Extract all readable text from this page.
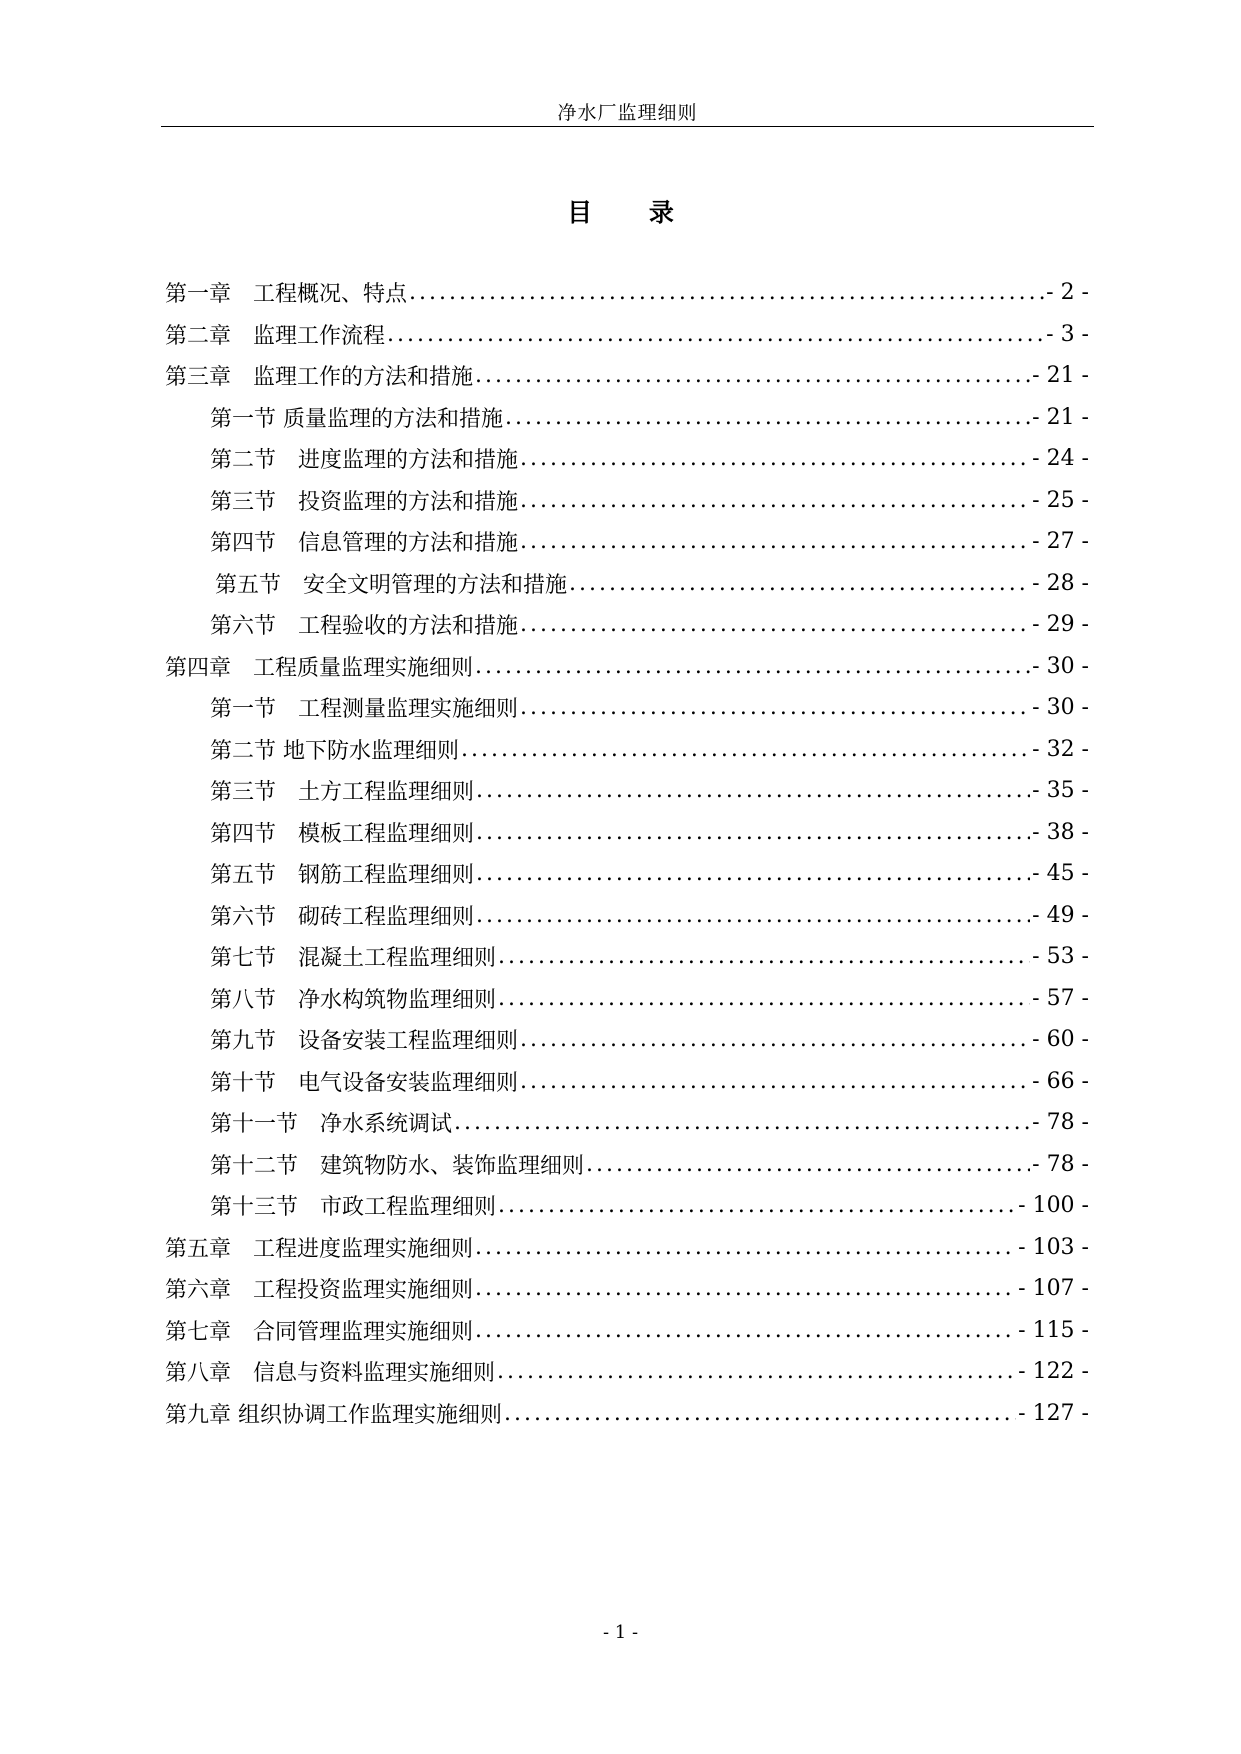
净水厂监理细则
目 录
第一章　工程概况、特点 .....	- 2 -
第二章　监理工作流程 .....	- 3 -
第三章　监理工作的方法和措施 .....	- 21 -
第一节 质量监理的方法和措施 .....	- 21 -
第二节　进度监理的方法和措施 .....	- 24 -
第三节　投资监理的方法和措施 .....	- 25 -
第四节　信息管理的方法和措施 .....	- 27 -
第五节　安全文明管理的方法和措施 .....	- 28 -
第六节　工程验收的方法和措施 .....	- 29 -
第四章　工程质量监理实施细则 .....	- 30 -
第一节　工程测量监理实施细则 .....	- 30 -
第二节 地下防水监理细则 .....	- 32 -
第三节　土方工程监理细则 .....	- 35 -
第四节　模板工程监理细则 .....	- 38 -
第五节　钢筋工程监理细则 .....	- 45 -
第六节　砌砖工程监理细则 .....	- 49 -
第七节　混凝土工程监理细则 .....	- 53 -
第八节　净水构筑物监理细则 .....	- 57 -
第九节　设备安装工程监理细则 .....	- 60 -
第十节　电气设备安装监理细则 .....	- 66 -
第十一节　净水系统调试 .....	- 78 -
第十二节　建筑物防水、装饰监理细则 .....	- 78 -
第十三节　市政工程监理细则 .....	- 100 -
第五章　工程进度监理实施细则 .....	- 103 -
第六章　工程投资监理实施细则 .....	- 107 -
第七章　合同管理监理实施细则 .....	- 115 -
第八章　信息与资料监理实施细则 .....	- 122 -
第九章 组织协调工作监理实施细则 .....	- 127 -
- 1 -
